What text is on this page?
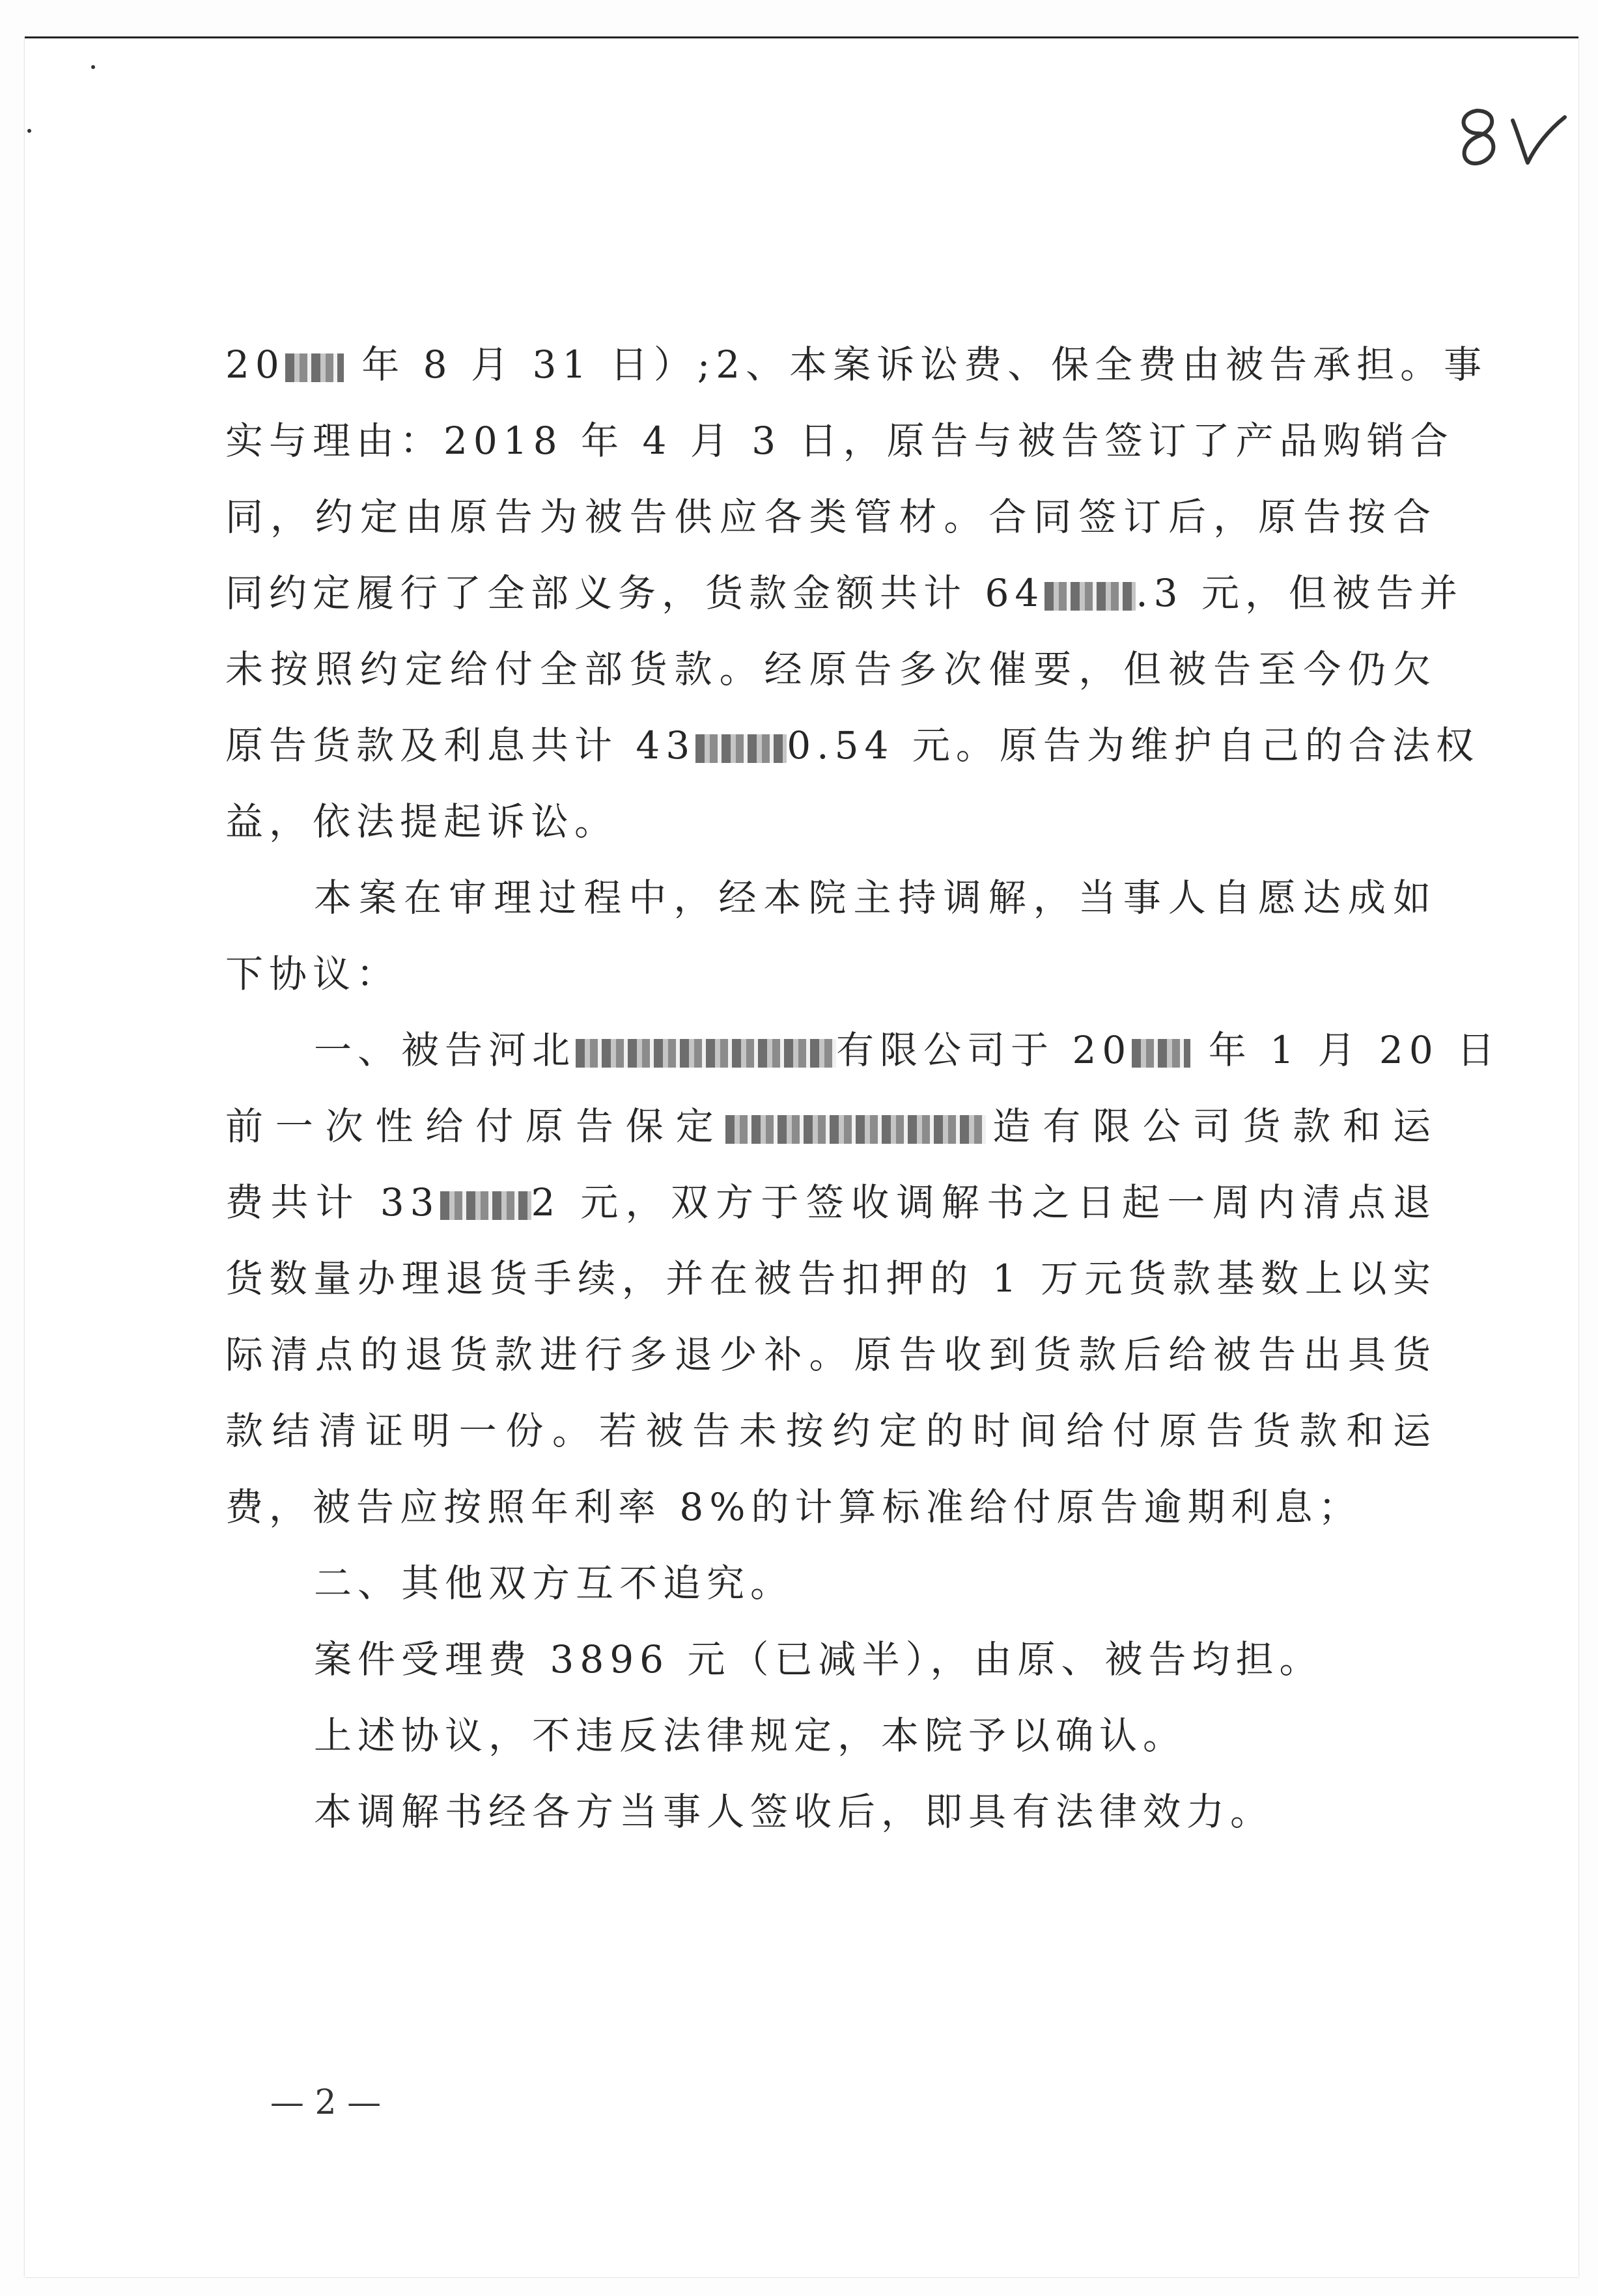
20 年 8 月 31 日）;2、本案诉讼费、保全费由被告承担。事
实与理由：2018 年 4 月 3 日，原告与被告签订了产品购销合
同，约定由原告为被告供应各类管材。合同签订后，原告按合
同约定履行了全部义务，货款金额共计 64 .3 元，但被告并
未按照约定给付全部货款。经原告多次催要，但被告至今仍欠
原告货款及利息共计 43 0.54 元。原告为维护自己的合法权
益，依法提起诉讼。
本案在审理过程中，经本院主持调解，当事人自愿达成如
下协议：
一、被告河北	有限公司于 20 年 1 月 20 日
前一次性给付原告保定	造有限公司货款和运
费共计 33 2 元，双方于签收调解书之日起一周内清点退
货数量办理退货手续，并在被告扣押的 1 万元货款基数上以实
际清点的退货款进行多退少补。原告收到货款后给被告出具货
款结清证明一份。若被告未按约定的时间给付原告货款和运
费，被告应按照年利率 8%的计算标准给付原告逾期利息；
二、其他双方互不追究。
案件受理费 3896 元（已减半），由原、被告均担。
上述协议，不违反法律规定，本院予以确认。
本调解书经各方当事人签收后，即具有法律效力。
— 2 —
